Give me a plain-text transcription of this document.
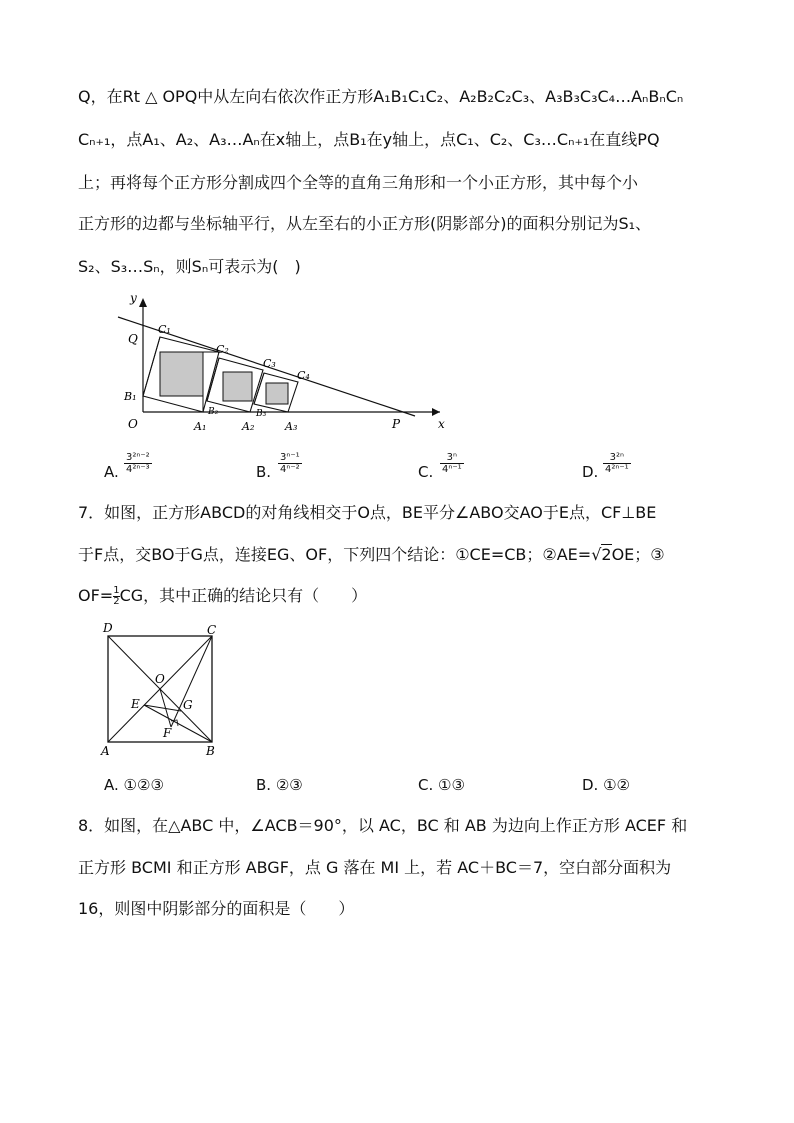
Q，在Rt △ OPQ中从左向右依次作正方形A₁B₁C₁C₂、A₂B₂C₂C₃、A₃B₃C₃C₄…AₙBₙCₙ
Cₙ₊₁，点A₁、A₂、A₃…Aₙ在x轴上，点B₁在y轴上，点C₁、C₂、C₃…Cₙ₊₁在直线PQ
上；再将每个正方形分割成四个全等的直角三角形和一个小正方形，其中每个小
正方形的边都与坐标轴平行，从左至右的小正方形(阴影部分)的面积分别记为S₁、
S₂、S₃…Sₙ，则Sₙ可表示为(　)
y
x
Q
O	P
B₁
B₂	B₃
A₁	A₂	A₃
C₁
C₂
C₃
C₄
A. $\frac{\text{3²ⁿ⁻²}}{\text{4²ⁿ⁻³}}$	B. $\frac{\text{3ⁿ⁻¹}}{\text{4ⁿ⁻²}}$	C. $\frac{\text{3ⁿ}}{\text{4ⁿ⁻¹}}$	D. $\frac{\text{3²ⁿ}}{\text{4²ⁿ⁻¹}}$
7．如图，正方形ABCD的对角线相交于O点，BE平分∠ABO交AO于E点，CF⊥BE
于F点，交BO于G点，连接EG、OF，下列四个结论：①CE=CB；②AE=√2OE；③
$OF= \frac{1}{2}$ CG，其中正确的结论只有（　　）
D	C
O
E	G
F
A	B
A. ①②③	B. ②③	C. ①③	D. ①②
8．如图，在△ABC 中，∠ACB＝90°，以 AC，BC 和 AB 为边向上作正方形 ACEF 和
正方形 BCMI 和正方形 ABGF，点 G 落在 MI 上，若 AC＋BC＝7，空白部分面积为
16，则图中阴影部分的面积是（　　）
